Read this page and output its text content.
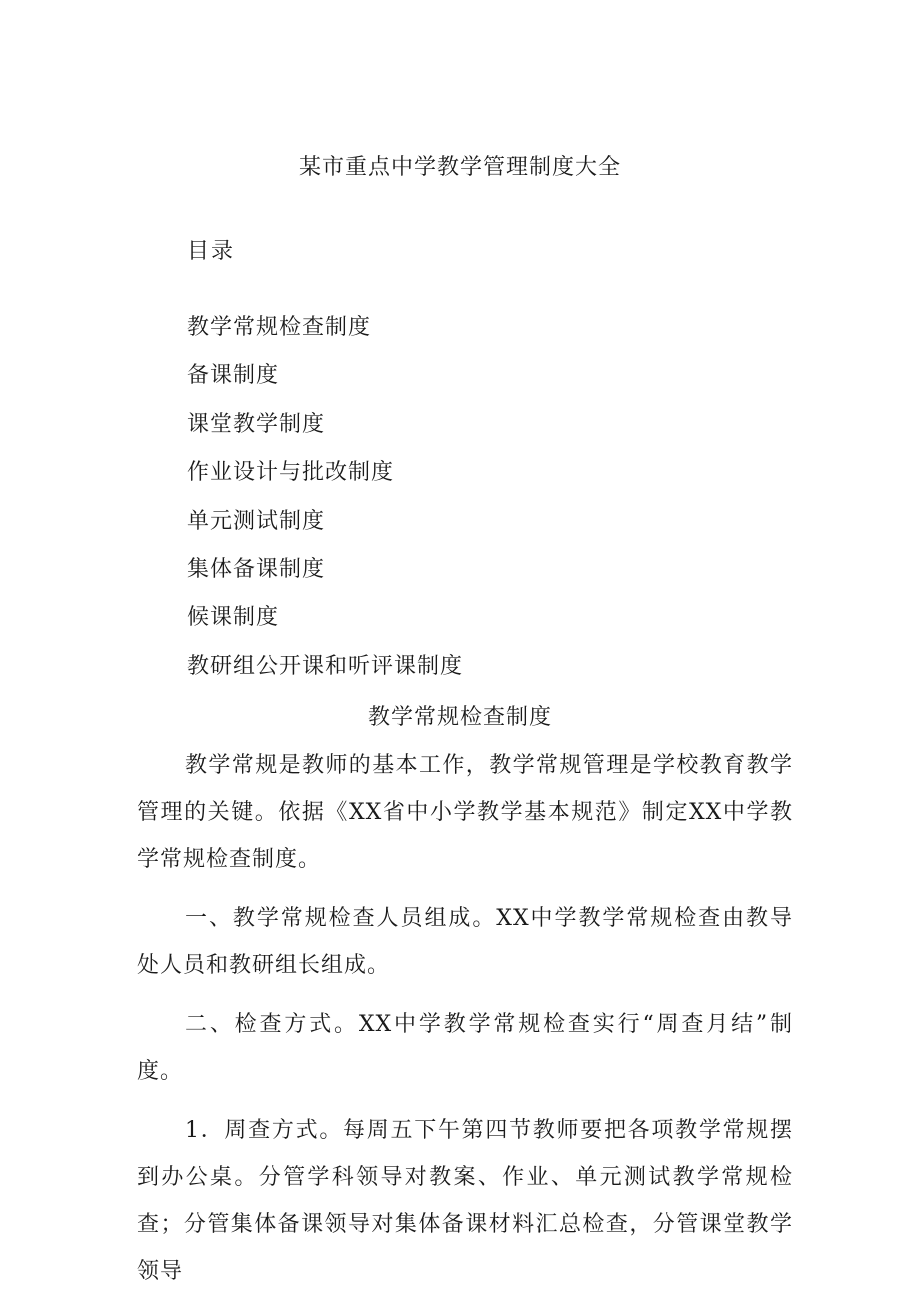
某市重点中学教学管理制度大全
目录
教学常规检查制度
备课制度
课堂教学制度
作业设计与批改制度
单元测试制度
集体备课制度
候课制度
教研组公开课和听评课制度
教学常规检查制度

教学常规是教师的基本工作，教学常规管理是学校教育教学管理的关键。依据《XX省中小学教学基本规范》制定XX中学教学常规检查制度。

一、教学常规检查人员组成。XX中学教学常规检查由教导处人员和教研组长组成。

二、检查方式。XX中学教学常规检查实行“周查月结”制度。

1．周查方式。每周五下午第四节教师要把各项教学常规摆到办公桌。分管学科领导对教案、作业、单元测试教学常规检查；分管集体备课领导对集体备课材料汇总检查，分管课堂教学领导
